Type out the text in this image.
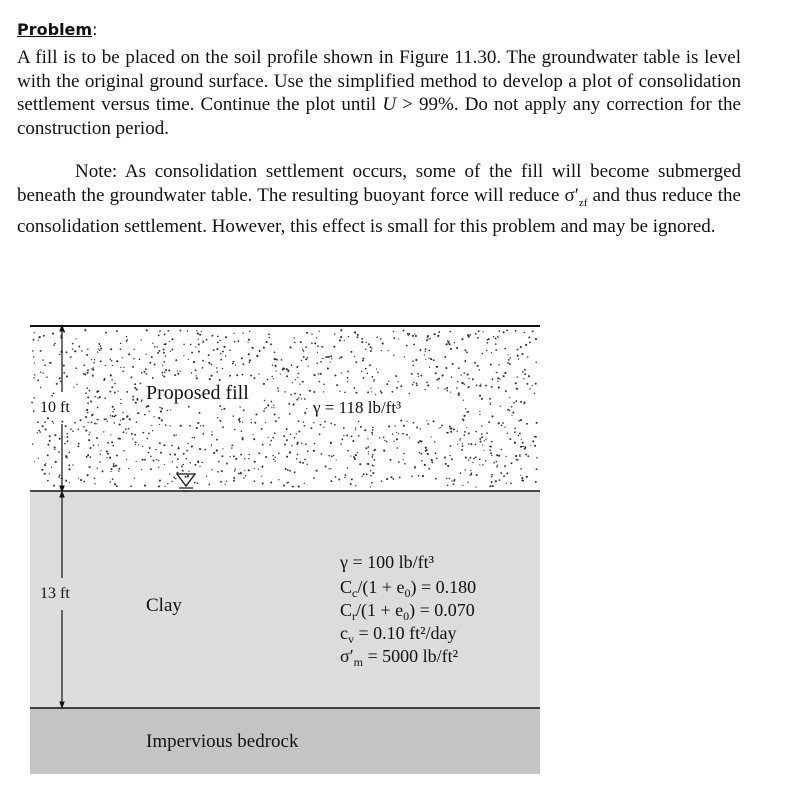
Problem:

A fill is to be placed on the soil profile shown in Figure 11.30. The groundwater table is level with the original ground surface. Use the simplified method to develop a plot of consolidation settlement versus time. Continue the plot until U > 99%. Do not apply any correction for the construction period.

Note: As consolidation settlement occurs, some of the fill will become submerged beneath the groundwater table. The resulting buoyant force will reduce $\sigma'_{zf}$ and thus reduce the consolidation settlement. However, this effect is small for this problem and may be ignored.

10 ft
13 ft
Proposed fill
γ = 118 lb/ft³
Clay
γ = 100 lb/ft³
$C_c/(1 + e_0) = 0.180$
$C_r/(1 + e_0) = 0.070$
$c_v = 0.10$ ft²/day
$\sigma'_m = 5000$ lb/ft²
Impervious bedrock
